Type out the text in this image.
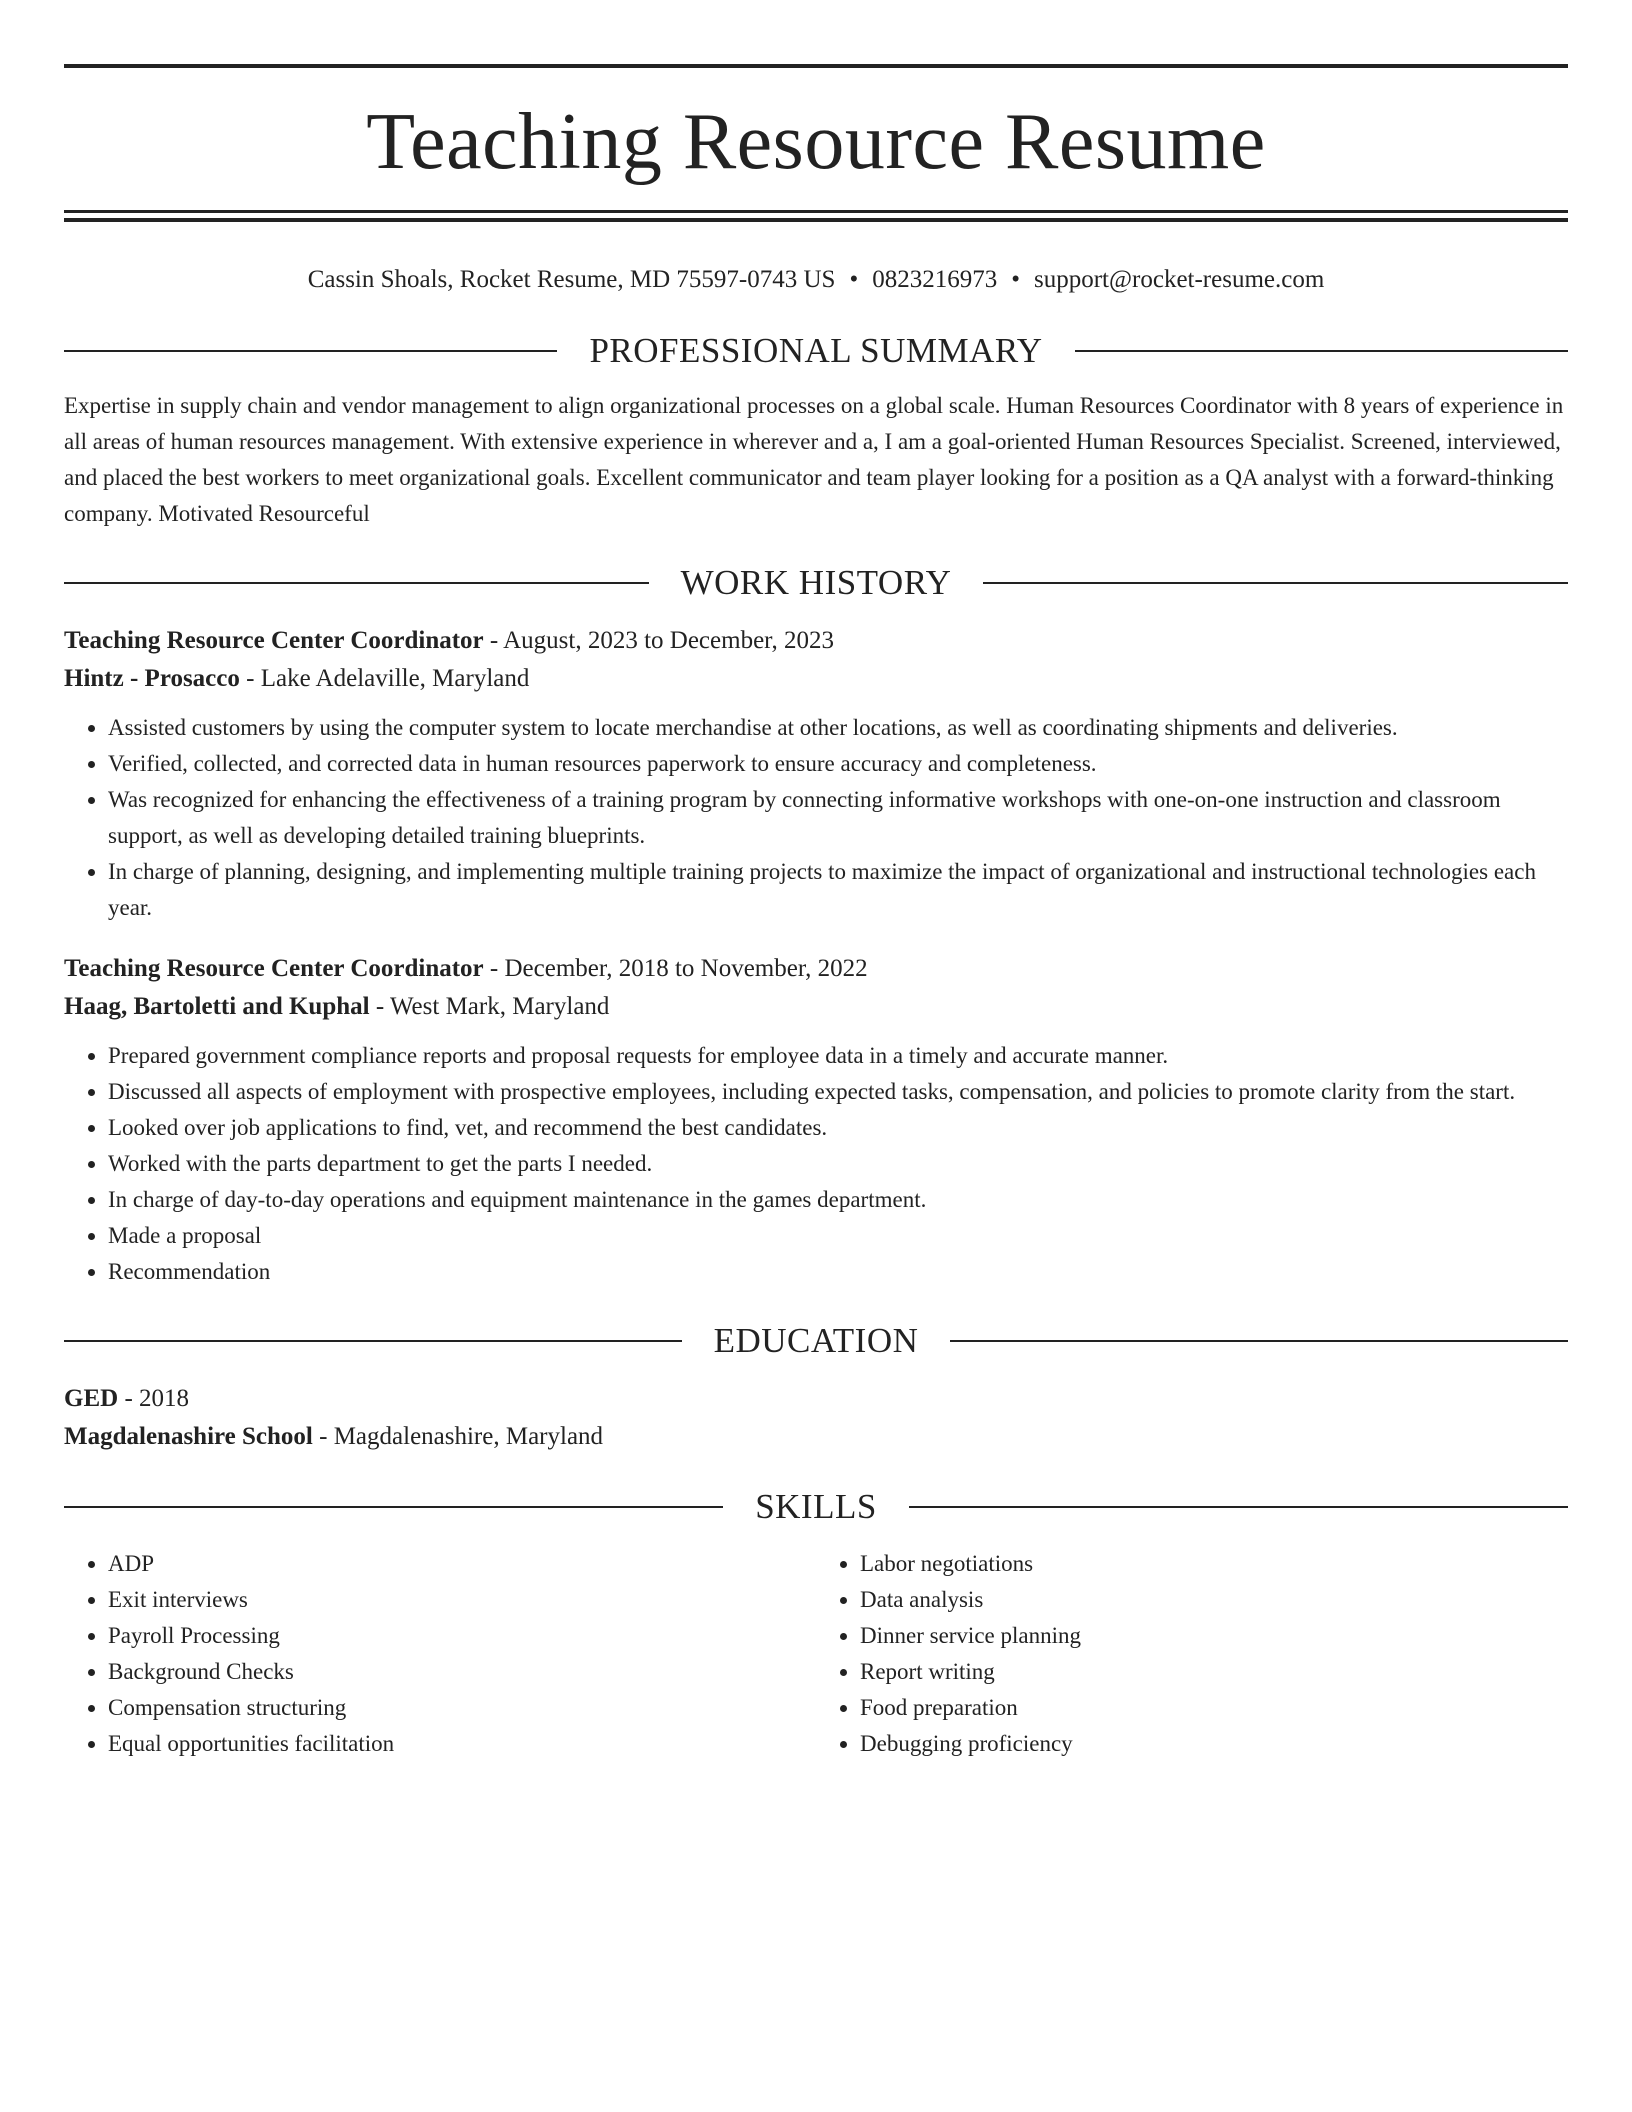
Teaching Resource Resume
Cassin Shoals, Rocket Resume, MD 75597-0743 US • 0823216973 • support@rocket-resume.com
PROFESSIONAL SUMMARY

Expertise in supply chain and vendor management to align organizational processes on a global scale. Human Resources Coordinator with 8 years of experience in all areas of human resources management. With extensive experience in wherever and a, I am a goal-oriented Human Resources Specialist. Screened, interviewed, and placed the best workers to meet organizational goals. Excellent communicator and team player looking for a position as a QA analyst with a forward-thinking company. Motivated Resourceful

WORK HISTORY
Teaching Resource Center Coordinator - August, 2023 to December, 2023
Hintz - Prosacco - Lake Adelaville, Maryland
• Assisted customers by using the computer system to locate merchandise at other locations, as well as coordinating shipments and deliveries.
• Verified, collected, and corrected data in human resources paperwork to ensure accuracy and completeness.
• Was recognized for enhancing the effectiveness of a training program by connecting informative workshops with one-on-one instruction and classroom support, as well as developing detailed training blueprints.
• In charge of planning, designing, and implementing multiple training projects to maximize the impact of organizational and instructional technologies each year.
Teaching Resource Center Coordinator - December, 2018 to November, 2022
Haag, Bartoletti and Kuphal - West Mark, Maryland
• Prepared government compliance reports and proposal requests for employee data in a timely and accurate manner.
• Discussed all aspects of employment with prospective employees, including expected tasks, compensation, and policies to promote clarity from the start.
• Looked over job applications to find, vet, and recommend the best candidates.
• Worked with the parts department to get the parts I needed.
• In charge of day-to-day operations and equipment maintenance in the games department.
• Made a proposal
• Recommendation
EDUCATION
GED - 2018
Magdalenashire School - Magdalenashire, Maryland
SKILLS
• ADP
• Exit interviews
• Payroll Processing
• Background Checks
• Compensation structuring
• Equal opportunities facilitation
• Labor negotiations
• Data analysis
• Dinner service planning
• Report writing
• Food preparation
• Debugging proficiency
